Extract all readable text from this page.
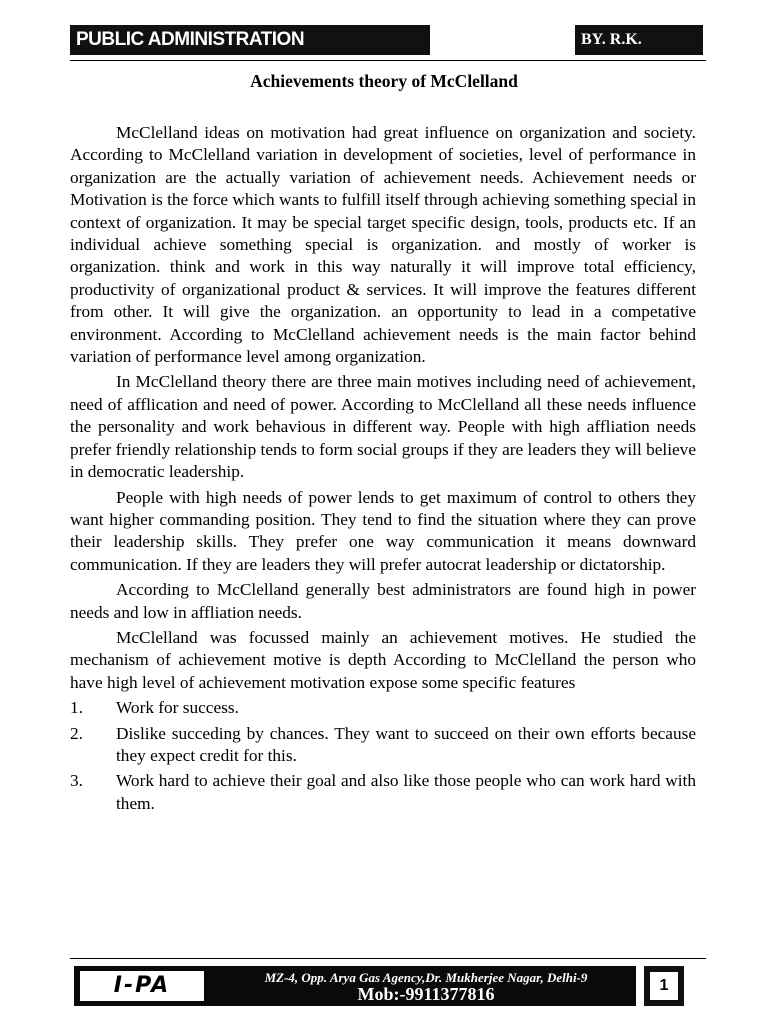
PUBLIC ADMINISTRATION	BY. R.K. AGGARWAL
Achievements theory of McClelland

McClelland ideas on motivation had great influence on organization and society. According to McClelland variation in development of societies, level of performance in organization are the actually variation of achievement needs. Achievement needs or Motivation is the force which wants to fulfill itself through achieving something special in context of organization. It may be special target specific design, tools, products etc. If an individual achieve something special is organization. and mostly of worker is organization. think and work in this way naturally it will improve total efficiency, productivity of organizational product & services. It will improve the features different from other. It will give the organization. an opportunity to lead in a competative environment. According to McClelland achievement needs is the main factor behind variation of performance level among organization.

In McClelland theory there are three main motives including need of achievement, need of afflication and need of power. According to McClelland all these needs influence the personality and work behavious in different way. People with high affliation needs prefer friendly relationship tends to form social groups if they are leaders they will believe in democratic leadership.

People with high needs of power lends to get maximum of control to others they want higher commanding position. They tend to find the situation where they can prove their leadership skills. They prefer one way communication it means downward communication. If they are leaders they will prefer autocrat leadership or dictatorship.

According to McClelland generally best administrators are found high in power needs and low in affliation needs.

McClelland was focussed mainly an achievement motives. He studied the mechanism of achievement motive is depth According to McClelland the person who have high level of achievement motivation expose some specific features

1. Work for success.
2. Dislike succeding by chances. They want to succeed on their own efforts because they expect credit for this.
3. Work hard to achieve their goal and also like those people who can work hard with them.
I-PA	MZ-4, Opp. Arya Gas Agency,Dr. Mukherjee Nagar, Delhi-9
Mob:-9911377816	1
